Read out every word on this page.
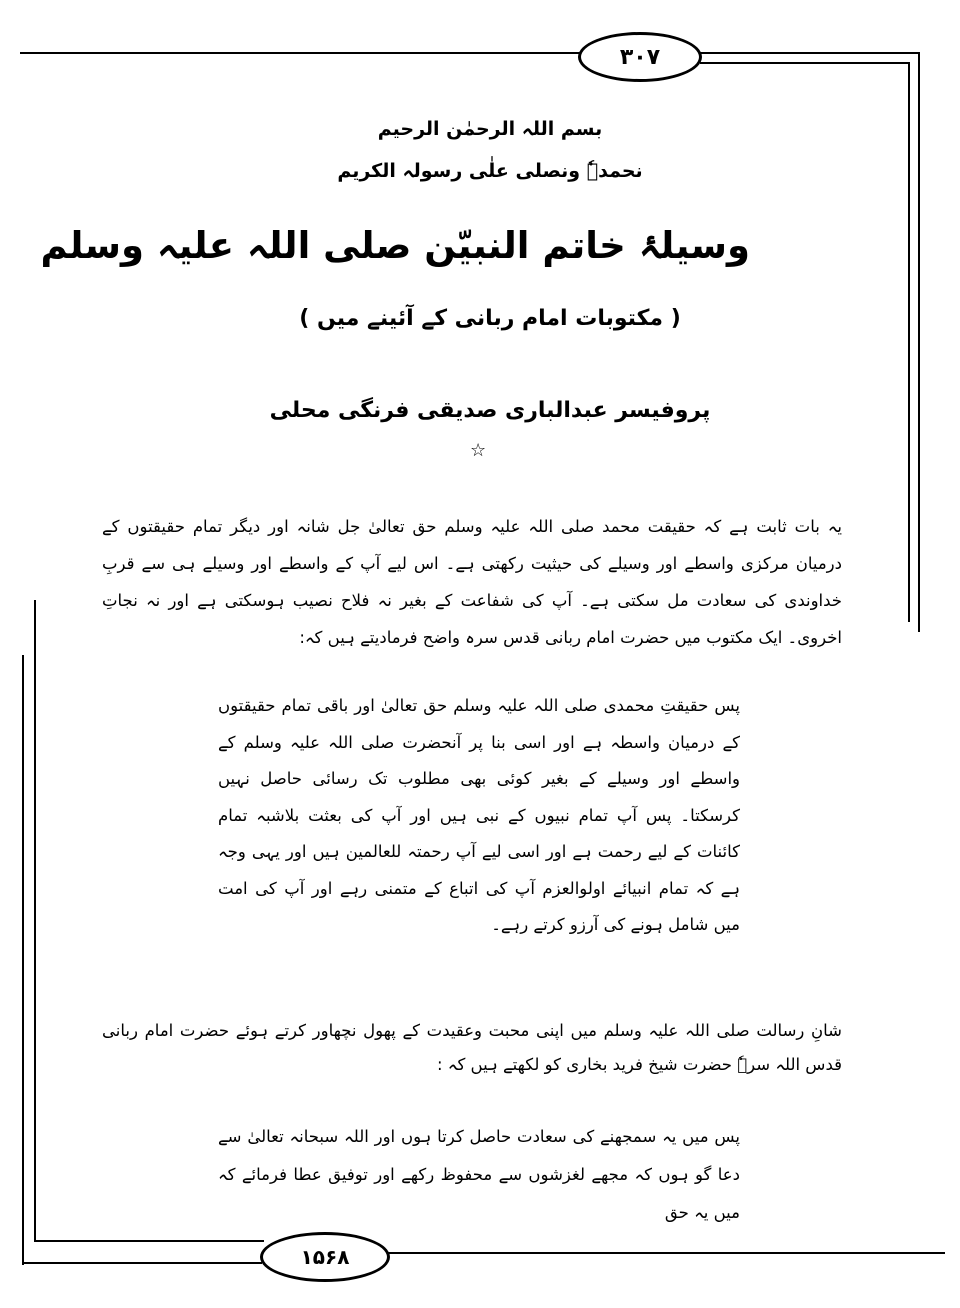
۳۰۷
بسم اللہ الرحمٰن الرحیم
نحمدہٗ ونصلی علٰی رسولہ الکریم
وسیلۂ خاتم النبیّن صلی اللہ علیہ وسلم
( مکتوبات امام ربانی کے آئینے میں )
پروفیسر عبدالباری صدیقی فرنگی محلی
☆

یہ بات ثابت ہے کہ حقیقت محمد صلی اللہ علیہ وسلم حق تعالیٰ جل شانہ اور دیگر تمام حقیقتوں کے درمیان مرکزی واسطے اور وسیلے کی حیثیت رکھتی ہے۔ اس لیے آپ کے واسطے اور وسیلے ہی سے قربِ خداوندی کی سعادت مل سکتی ہے۔ آپ کی شفاعت کے بغیر نہ فلاح نصیب ہوسکتی ہے اور نہ نجاتِ اخروی۔ ایک مکتوب میں حضرت امام ربانی قدس سرہ واضح فرمادیتے ہیں کہ:

پس حقیقتِ محمدی صلی اللہ علیہ وسلم حق تعالیٰ اور باقی تمام حقیقتوں کے درمیان واسطہ ہے اور اسی بنا پر آنحضرت صلی اللہ علیہ وسلم کے واسطے اور وسیلے کے بغیر کوئی بھی مطلوب تک رسائی حاصل نہیں کرسکتا۔ پس آپ تمام نبیوں کے نبی ہیں اور آپ کی بعثت بلاشبہ تمام کائنات کے لیے رحمت ہے اور اسی لیے آپ رحمتہ للعالمین ہیں اور یہی وجہ ہے کہ تمام انبیائے اولوالعزم آپ کی اتباع کے متمنی رہے اور آپ کی امت میں شامل ہونے کی آرزو کرتے رہے۔

شانِ رسالت صلی اللہ علیہ وسلم میں اپنی محبت وعقیدت کے پھول نچھاور کرتے ہوئے حضرت امام ربانی قدس اللہ سرہٗ حضرت شیخ فرید بخاری کو لکھتے ہیں کہ :

پس میں یہ سمجھنے کی سعادت حاصل کرتا ہوں اور اللہ سبحانہ تعالیٰ سے دعا گو ہوں کہ مجھے لغزشوں سے محفوظ رکھے اور توفیق عطا فرمائے کہ میں یہ حق

۱۵۶۸
